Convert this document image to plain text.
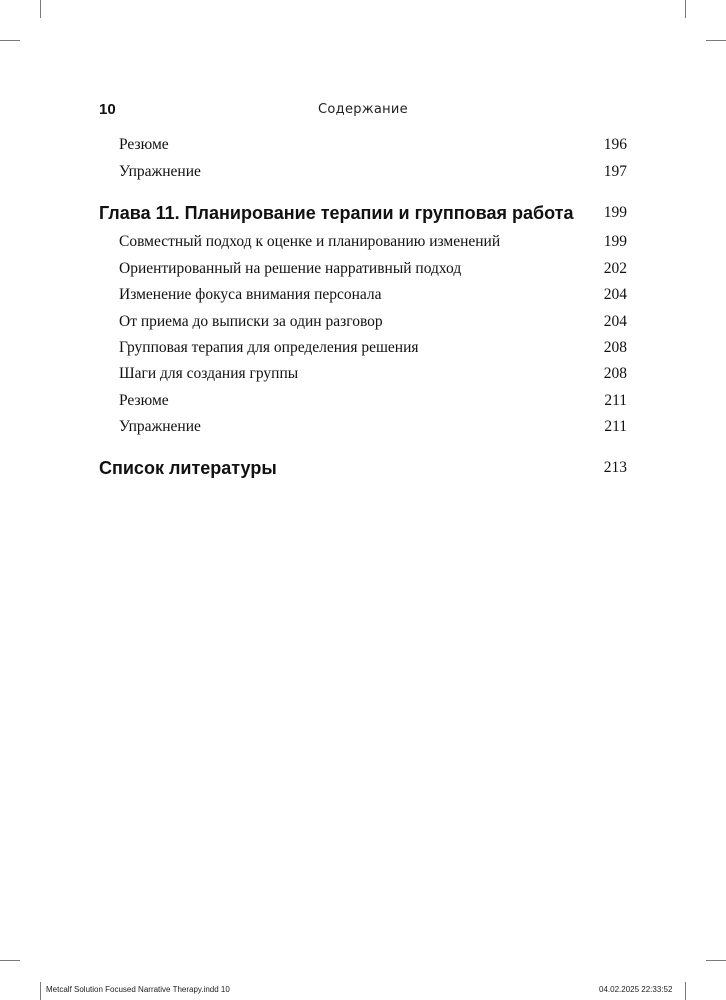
10	Содержание
Резюме	196
Упражнение	197
Глава 11. Планирование терапии и групповая работа 199
Совместный подход к оценке и планированию изменений	199
Ориентированный на решение нарративный подход	202
Изменение фокуса внимания персонала	204
От приема до выписки за один разговор	204
Групповая терапия для определения решения	208
Шаги для создания группы	208
Резюме	211
Упражнение	211
Список литературы	213
Metcalf Solution Focused Narrative Therapy.indd 10	04.02.2025 22:33:52
